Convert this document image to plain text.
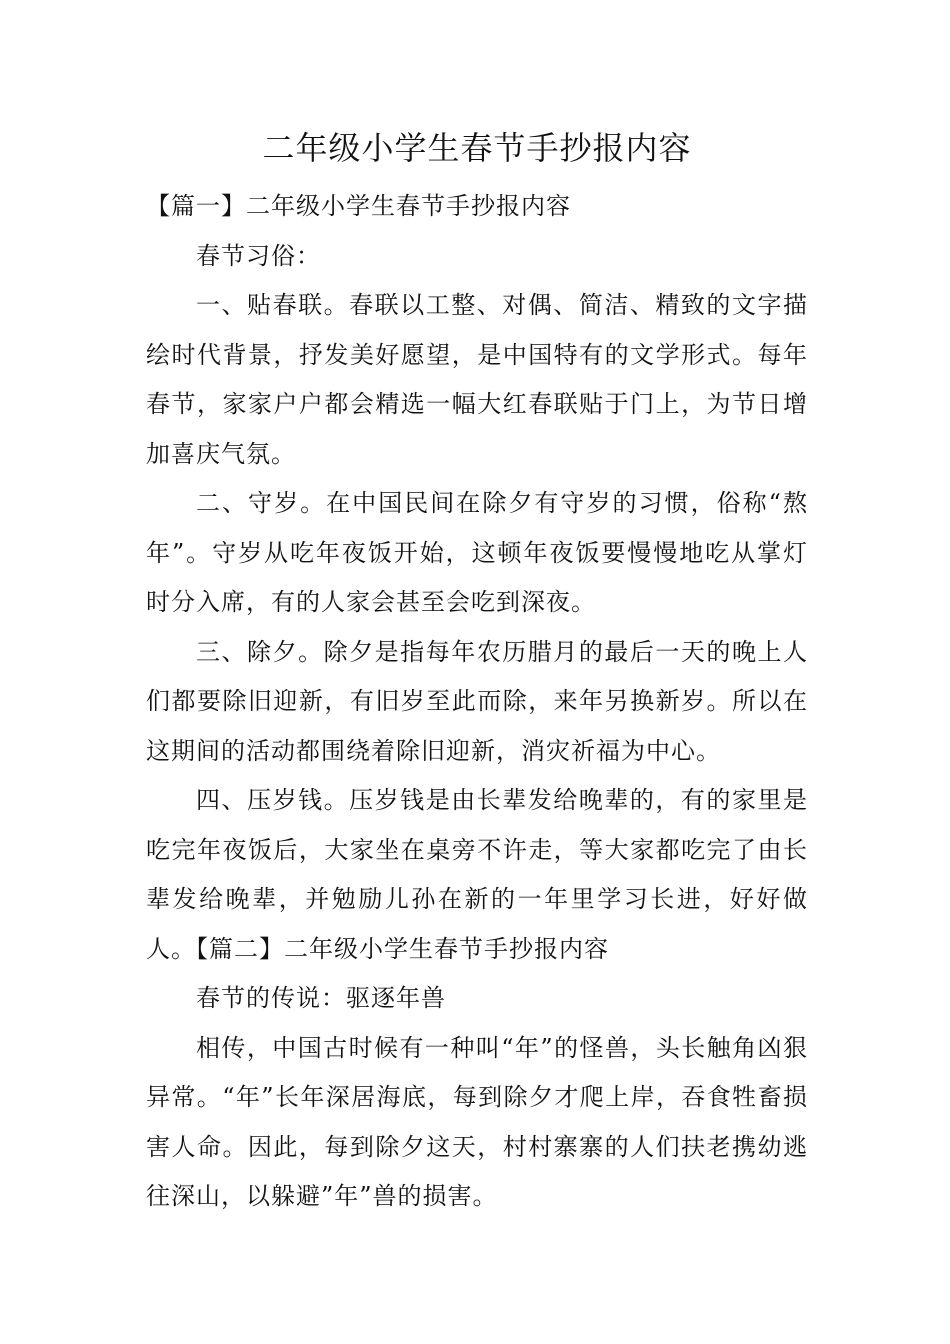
二年级小学生春节手抄报内容

【篇一】二年级小学生春节手抄报内容

春节习俗：

一、贴春联。春联以工整、对偶、简洁、精致的文字描绘时代背景，抒发美好愿望，是中国特有的文学形式。每年春节，家家户户都会精选一幅大红春联贴于门上，为节日增加喜庆气氛。

二、守岁。在中国民间在除夕有守岁的习惯，俗称“熬年”。守岁从吃年夜饭开始，这顿年夜饭要慢慢地吃从掌灯时分入席，有的人家会甚至会吃到深夜。

三、除夕。除夕是指每年农历腊月的最后一天的晚上人们都要除旧迎新，有旧岁至此而除，来年另换新岁。所以在这期间的活动都围绕着除旧迎新，消灾祈福为中心。

四、压岁钱。压岁钱是由长辈发给晚辈的，有的家里是吃完年夜饭后，大家坐在桌旁不许走，等大家都吃完了由长辈发给晚辈，并勉励儿孙在新的一年里学习长进，好好做人。【篇二】二年级小学生春节手抄报内容

春节的传说：驱逐年兽

相传，中国古时候有一种叫“年”的怪兽，头长触角凶狠异常。“年”长年深居海底，每到除夕才爬上岸，吞食牲畜损害人命。因此，每到除夕这天，村村寨寨的人们扶老携幼逃往深山，以躲避”年”兽的损害。
